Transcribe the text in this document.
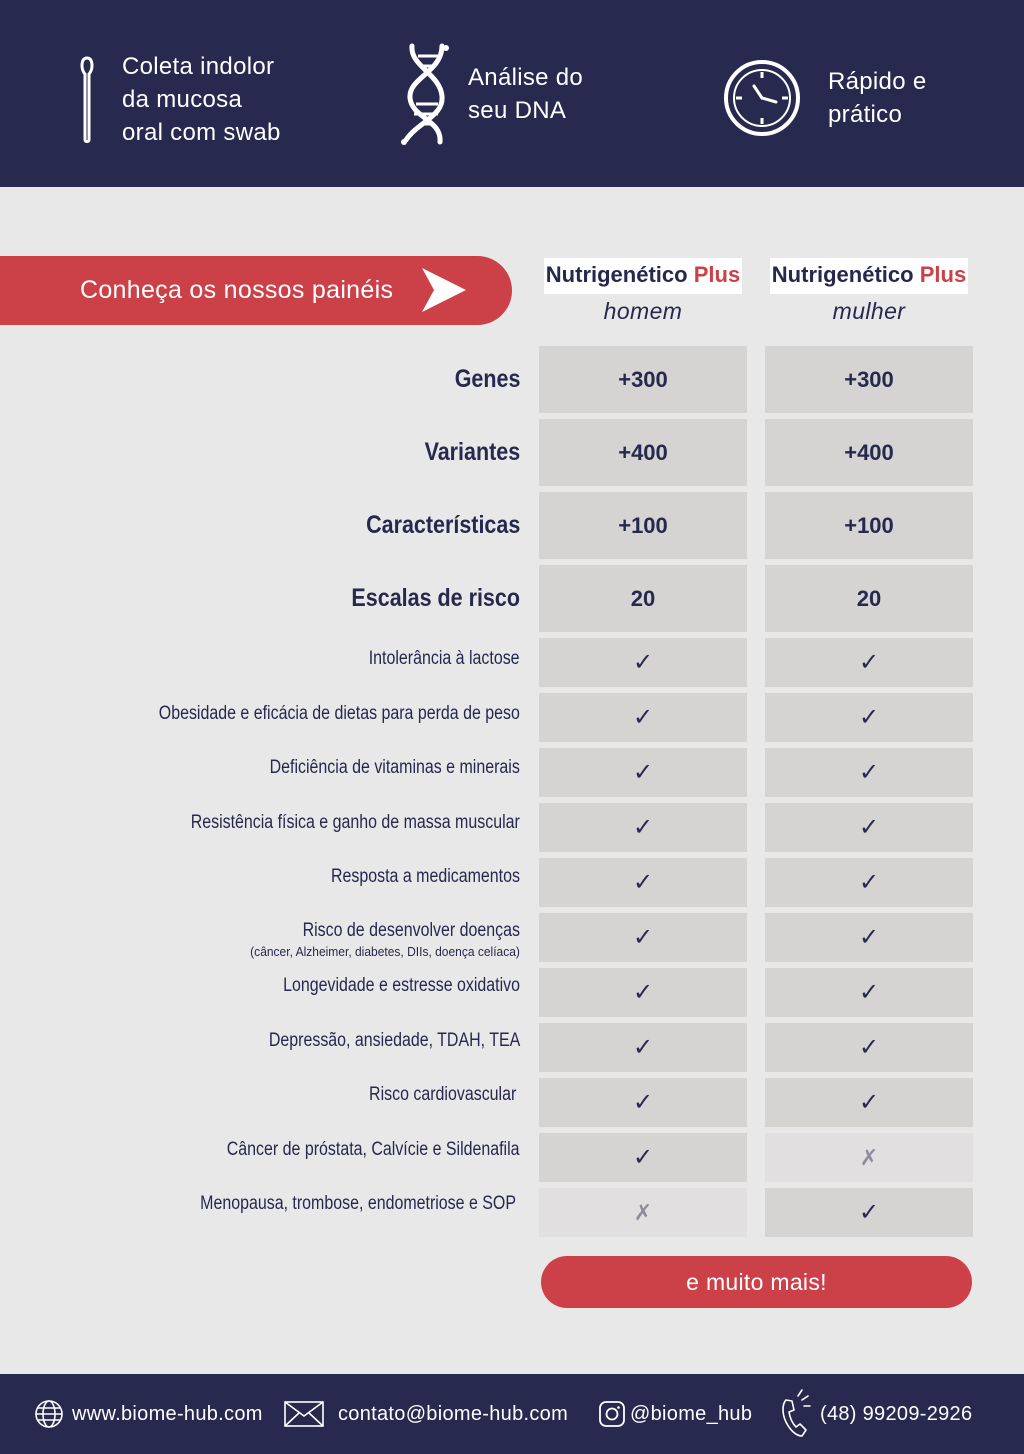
Coleta indolor
da mucosa
oral com swab
Análise do
seu DNA
Rápido e
prático
Conheça os nossos painéis
Nutrigenético Plus
homem
Nutrigenético Plus
mulher
Genes	+300	+300
Variantes	+400	+400
Características	+100	+100
Escalas de risco	20	20
Intolerância à lactose	✓	✓
Obesidade e eficácia de dietas para perda de peso	✓	✓
Deficiência de vitaminas e minerais	✓	✓
Resistência física e ganho de massa muscular	✓	✓
Resposta a medicamentos	✓	✓
Risco de desenvolver doenças
(câncer, Alzheimer, diabetes, DIIs, doença celíaca)
✓	✓
Longevidade e estresse oxidativo	✓	✓
Depressão, ansiedade, TDAH, TEA	✓	✓
Risco cardiovascular	✓	✓
Câncer de próstata, Calvície e Sildenafila	✓	✗
Menopausa, trombose, endometriose e SOP	✗	✓
e muito mais!
www.biome-hub.com	contato@biome-hub.com	@biome_hub	(48) 99209-2926
